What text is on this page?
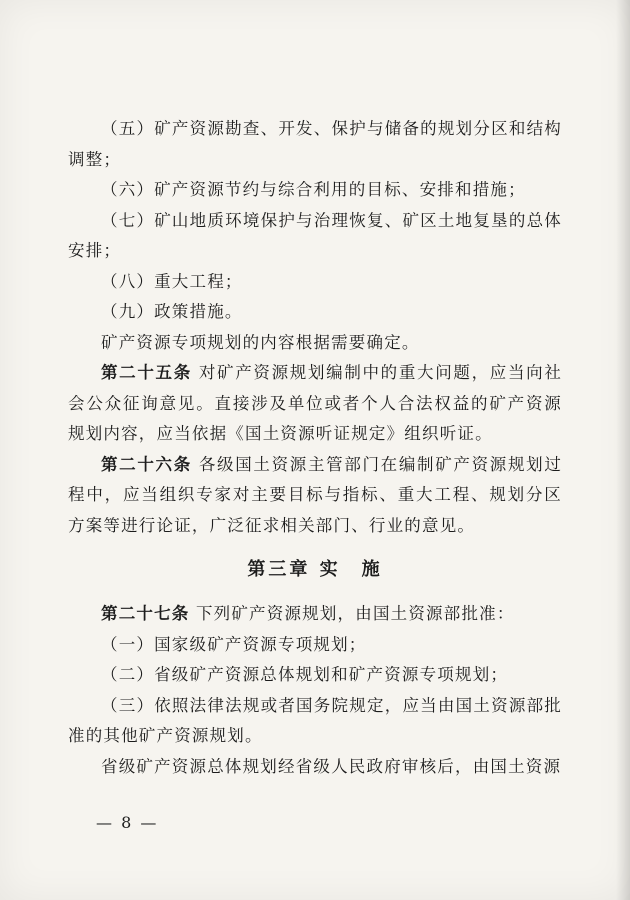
（五）矿产资源勘查、开发、保护与储备的规划分区和结构调整；

（六）矿产资源节约与综合利用的目标、安排和措施；

（七）矿山地质环境保护与治理恢复、矿区土地复垦的总体安排；

（八）重大工程；

（九）政策措施。

矿产资源专项规划的内容根据需要确定。

第二十五条 对矿产资源规划编制中的重大问题，应当向社会公众征询意见。直接涉及单位或者个人合法权益的矿产资源规划内容，应当依据《国土资源听证规定》组织听证。

第二十六条 各级国土资源主管部门在编制矿产资源规划过程中，应当组织专家对主要目标与指标、重大工程、规划分区方案等进行论证，广泛征求相关部门、行业的意见。

第三章 实　施

第二十七条 下列矿产资源规划，由国土资源部批准：

（一）国家级矿产资源专项规划；

（二）省级矿产资源总体规划和矿产资源专项规划；

（三）依照法律法规或者国务院规定，应当由国土资源部批准的其他矿产资源规划。

省级矿产资源总体规划经省级人民政府审核后，由国土资源

— 8 —
